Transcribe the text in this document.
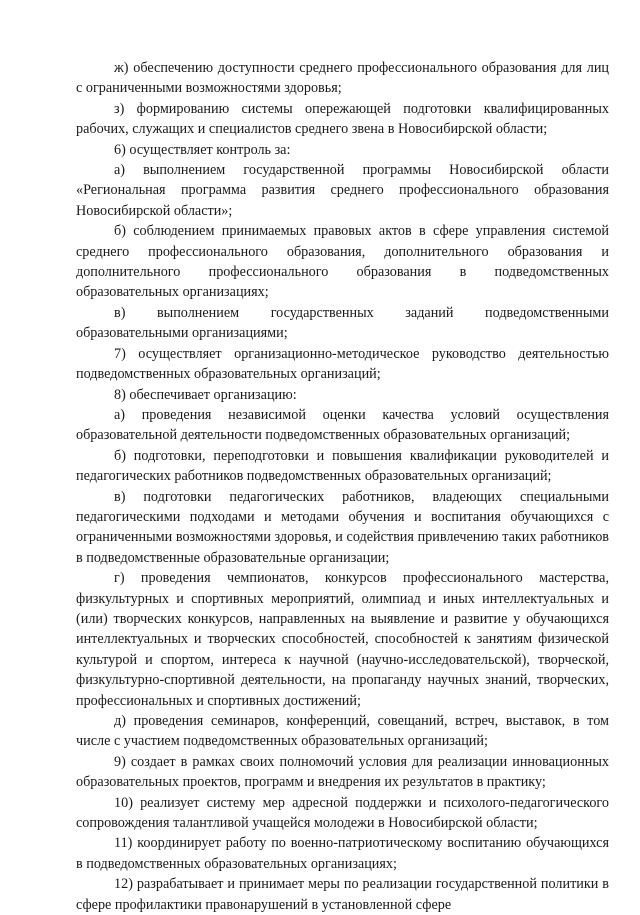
ж) обеспечению доступности среднего профессионального образования для лиц с ограниченными возможностями здоровья;

з) формированию системы опережающей подготовки квалифицированных рабочих, служащих и специалистов среднего звена в Новосибирской области;

6) осуществляет контроль за:

а) выполнением государственной программы Новосибирской области «Региональная программа развития среднего профессионального образования Новосибирской области»;

б) соблюдением принимаемых правовых актов в сфере управления системой среднего профессионального образования, дополнительного образования и дополнительного профессионального образования в подведомственных образовательных организациях;

в) выполнением государственных заданий подведомственными образовательными организациями;

7) осуществляет организационно-методическое руководство деятельностью подведомственных образовательных организаций;

8) обеспечивает организацию:

а) проведения независимой оценки качества условий осуществления образовательной деятельности подведомственных образовательных организаций;

б) подготовки, переподготовки и повышения квалификации руководителей и педагогических работников подведомственных образовательных организаций;

в) подготовки педагогических работников, владеющих специальными педагогическими подходами и методами обучения и воспитания обучающихся с ограниченными возможностями здоровья, и содействия привлечению таких работников в подведомственные образовательные организации;

г) проведения чемпионатов, конкурсов профессионального мастерства, физкультурных и спортивных мероприятий, олимпиад и иных интеллектуальных и (или) творческих конкурсов, направленных на выявление и развитие у обучающихся интеллектуальных и творческих способностей, способностей к занятиям физической культурой и спортом, интереса к научной (научно-исследовательской), творческой, физкультурно-спортивной деятельности, на пропаганду научных знаний, творческих, профессиональных и спортивных достижений;

д) проведения семинаров, конференций, совещаний, встреч, выставок, в том числе с участием подведомственных образовательных организаций;

9) создает в рамках своих полномочий условия для реализации инновационных образовательных проектов, программ и внедрения их результатов в практику;

10) реализует систему мер адресной поддержки и психолого-педагогического сопровождения талантливой учащейся молодежи в Новосибирской области;

11) координирует работу по военно-патриотическому воспитанию обучающихся в подведомственных образовательных организациях;

12) разрабатывает и принимает меры по реализации государственной политики в сфере профилактики правонарушений в установленной сфере
